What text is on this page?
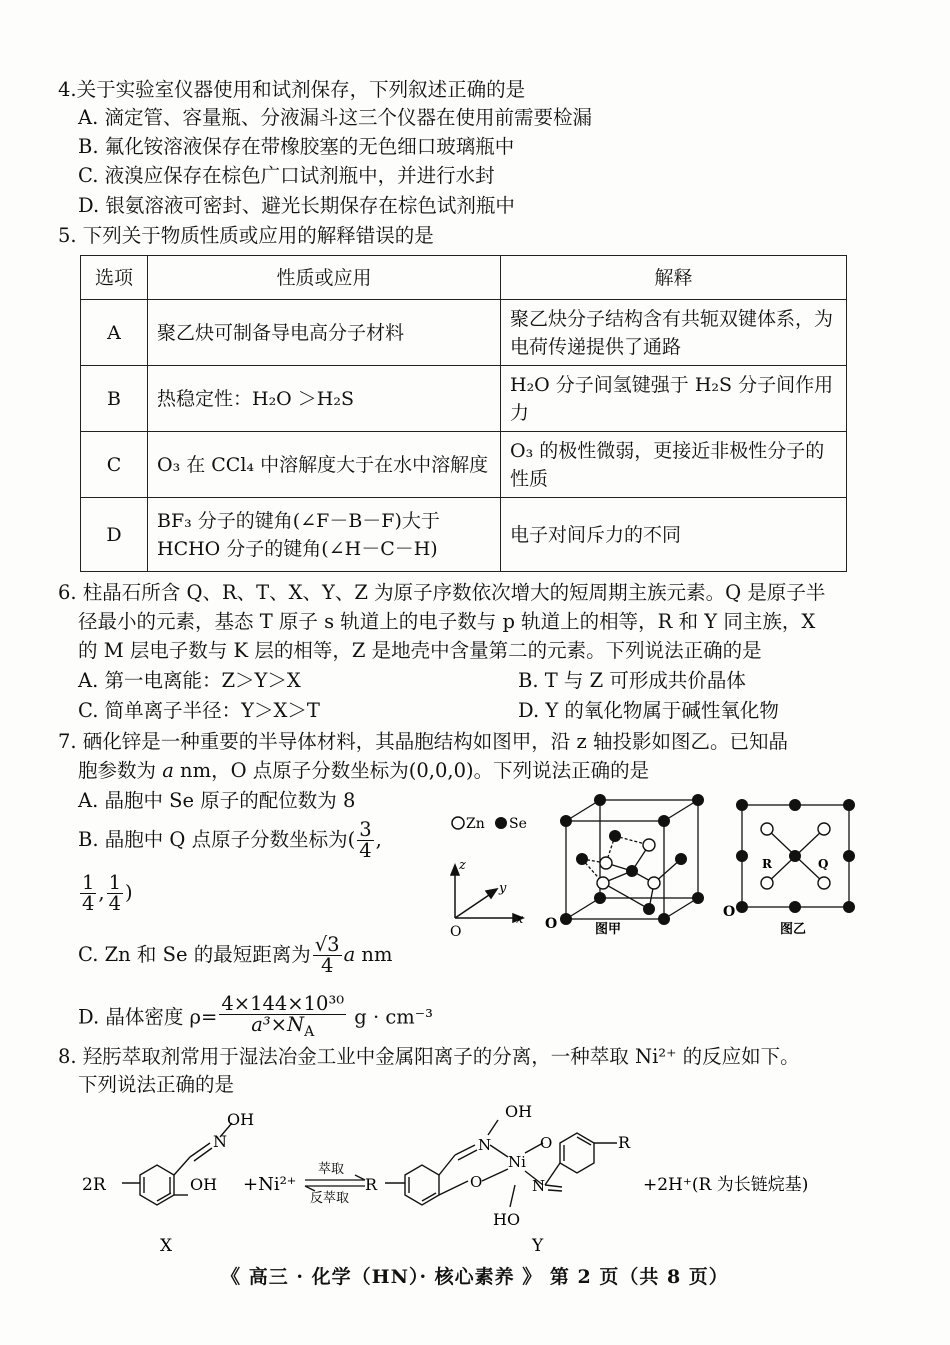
4.关于实验室仪器使用和试剂保存，下列叙述正确的是
A. 滴定管、容量瓶、分液漏斗这三个仪器在使用前需要检漏
B. 氟化铵溶液保存在带橡胶塞的无色细口玻璃瓶中
C. 液溴应保存在棕色广口试剂瓶中，并进行水封
D. 银氨溶液可密封、避光长期保存在棕色试剂瓶中
5. 下列关于物质性质或应用的解释错误的是
选项	性质或应用	解释
A	聚乙炔可制备导电高分子材料	聚乙炔分子结构含有共轭双键体系，为电荷传递提供了通路
B	热稳定性：H₂O ＞H₂S	H₂O 分子间氢键强于 H₂S 分子间作用力
C	O₃ 在 CCl₄ 中溶解度大于在水中溶解度	O₃ 的极性微弱，更接近非极性分子的性质
D	BF₃ 分子的键角(∠F－B－F)大于 HCHO 分子的键角(∠H－C－H)	电子对间斥力的不同
6. 柱晶石所含 Q、R、T、X、Y、Z 为原子序数依次增大的短周期主族元素。Q 是原子半
径最小的元素，基态 T 原子 s 轨道上的电子数与 p 轨道上的相等，R 和 Y 同主族，X
的 M 层电子数与 K 层的相等，Z 是地壳中含量第二的元素。下列说法正确的是
A. 第一电离能：Z＞Y＞X	B. T 与 Z 可形成共价晶体
C. 简单离子半径：Y＞X＞T	D. Y 的氧化物属于碱性氧化物
7. 硒化锌是一种重要的半导体材料，其晶胞结构如图甲，沿 z 轴投影如图乙。已知晶
胞参数为 a nm，O 点原子分数坐标为(0,0,0)。下列说法正确的是
A. 晶胞中 Se 原子的配位数为 8
B. 晶胞中 Q 点原子分数坐标为( $\frac{3}{4}$ ,
$\frac{1}{4}$ , $\frac{1}{4}$ )
C. Zn 和 Se 的最短距离为 $\frac{√3}{4}$ a nm
D. 晶体密度 $\rho= \frac{\text{4×144×10³⁰}}{a^3\times N_A}$ g · cm⁻³
Zn Se
z
y
x
O	O	图甲
R	Q
O
图乙
8. 羟肟萃取剂常用于湿法冶金工业中金属阳离子的分离，一种萃取 Ni²⁺ 的反应如下。
下列说法正确的是
2R
N
OH
OH
X
+Ni²⁺
萃取
反萃取
R
R
OH
N
O
Ni
O
N
HO
Y
+2H⁺(R 为长链烷基)
《 高三 · 化学（HN）· 核心素养 》 第 2 页（共 8 页）
